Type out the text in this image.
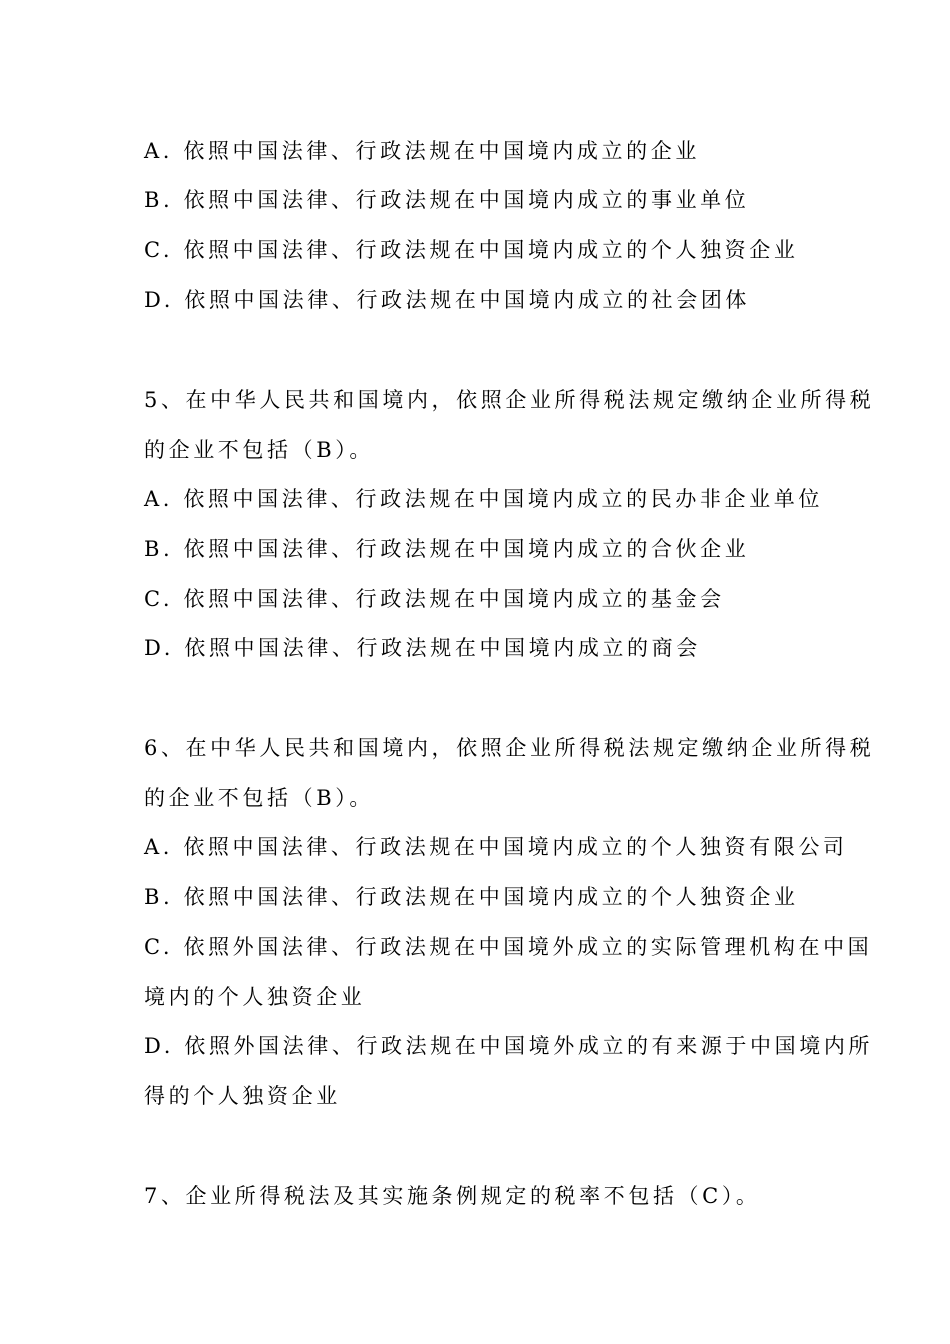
A. 依照中国法律、行政法规在中国境内成立的企业
B. 依照中国法律、行政法规在中国境内成立的事业单位
C. 依照中国法律、行政法规在中国境内成立的个人独资企业
D. 依照中国法律、行政法规在中国境内成立的社会团体
5、在中华人民共和国境内，依照企业所得税法规定缴纳企业所得税
的企业不包括（B）。
A. 依照中国法律、行政法规在中国境内成立的民办非企业单位
B. 依照中国法律、行政法规在中国境内成立的合伙企业
C. 依照中国法律、行政法规在中国境内成立的基金会
D. 依照中国法律、行政法规在中国境内成立的商会
6、在中华人民共和国境内，依照企业所得税法规定缴纳企业所得税
的企业不包括（B）。
A. 依照中国法律、行政法规在中国境内成立的个人独资有限公司
B. 依照中国法律、行政法规在中国境内成立的个人独资企业
C. 依照外国法律、行政法规在中国境外成立的实际管理机构在中国
境内的个人独资企业
D. 依照外国法律、行政法规在中国境外成立的有来源于中国境内所
得的个人独资企业
7、企业所得税法及其实施条例规定的税率不包括（C）。
